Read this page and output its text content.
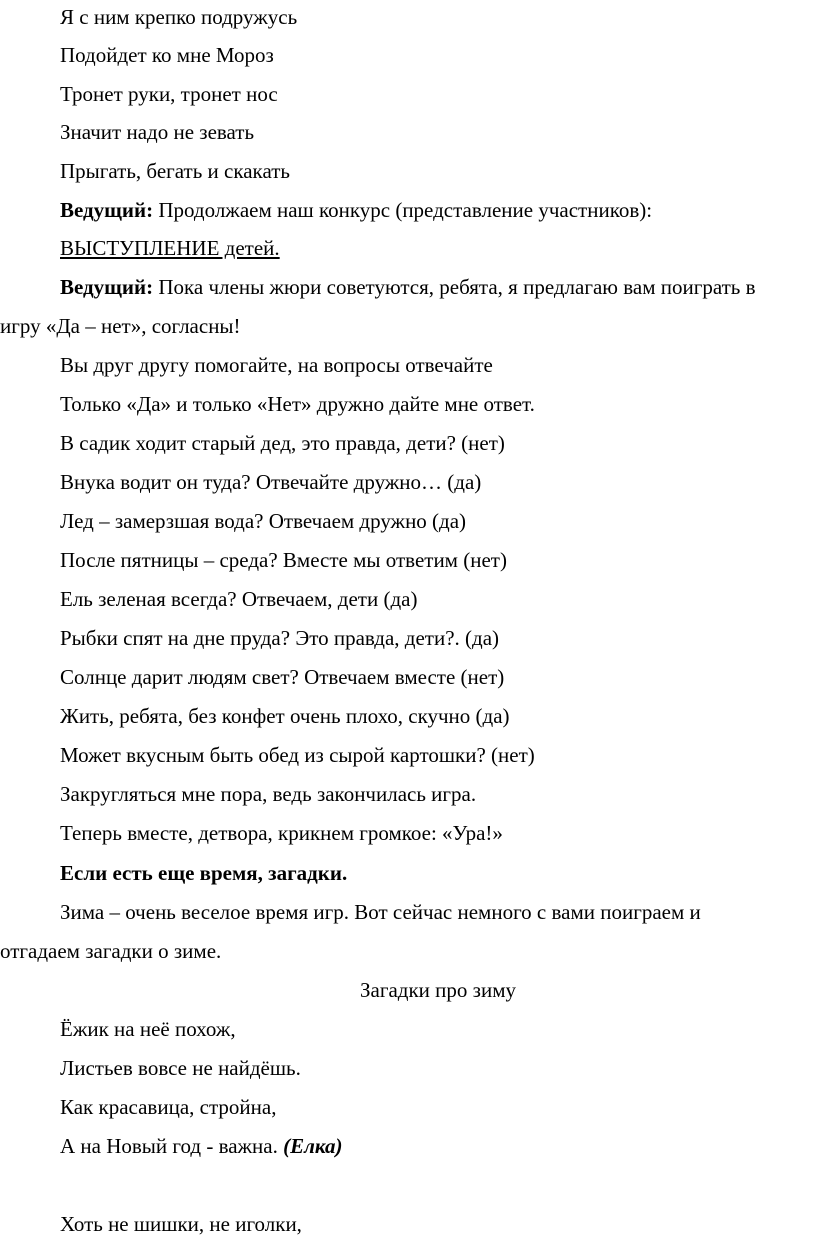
Я с ним крепко подружусь
Подойдет ко мне Мороз
Тронет руки, тронет нос
Значит надо не зевать
Прыгать, бегать и скакать
Ведущий: Продолжаем наш конкурс (представление участников):
ВЫСТУПЛЕНИЕ детей.
Ведущий: Пока члены жюри советуются, ребята, я предлагаю вам поиграть в
игру «Да – нет», согласны!
Вы друг другу помогайте, на вопросы отвечайте
Только «Да» и только «Нет» дружно дайте мне ответ.
В садик ходит старый дед, это правда, дети? (нет)
Внука водит он туда? Отвечайте дружно… (да)
Лед – замерзшая вода? Отвечаем дружно (да)
После пятницы – среда? Вместе мы ответим (нет)
Ель зеленая всегда? Отвечаем, дети (да)
Рыбки спят на дне пруда? Это правда, дети?. (да)
Солнце дарит людям свет? Отвечаем вместе (нет)
Жить, ребята, без конфет очень плохо, скучно (да)
Может вкусным быть обед из сырой картошки? (нет)
Закругляться мне пора, ведь закончилась игра.
Теперь вместе, детвора, крикнем громкое: «Ура!»
Если есть еще время, загадки.
Зима – очень веселое время игр. Вот сейчас немного с вами поиграем и
отгадаем загадки о зиме.
Загадки про зиму
Ёжик на неё похож,
Листьев вовсе не найдёшь.
Как красавица, стройна,
А на Новый год - важна. (Елка)
Хоть не шишки, не иголки,
